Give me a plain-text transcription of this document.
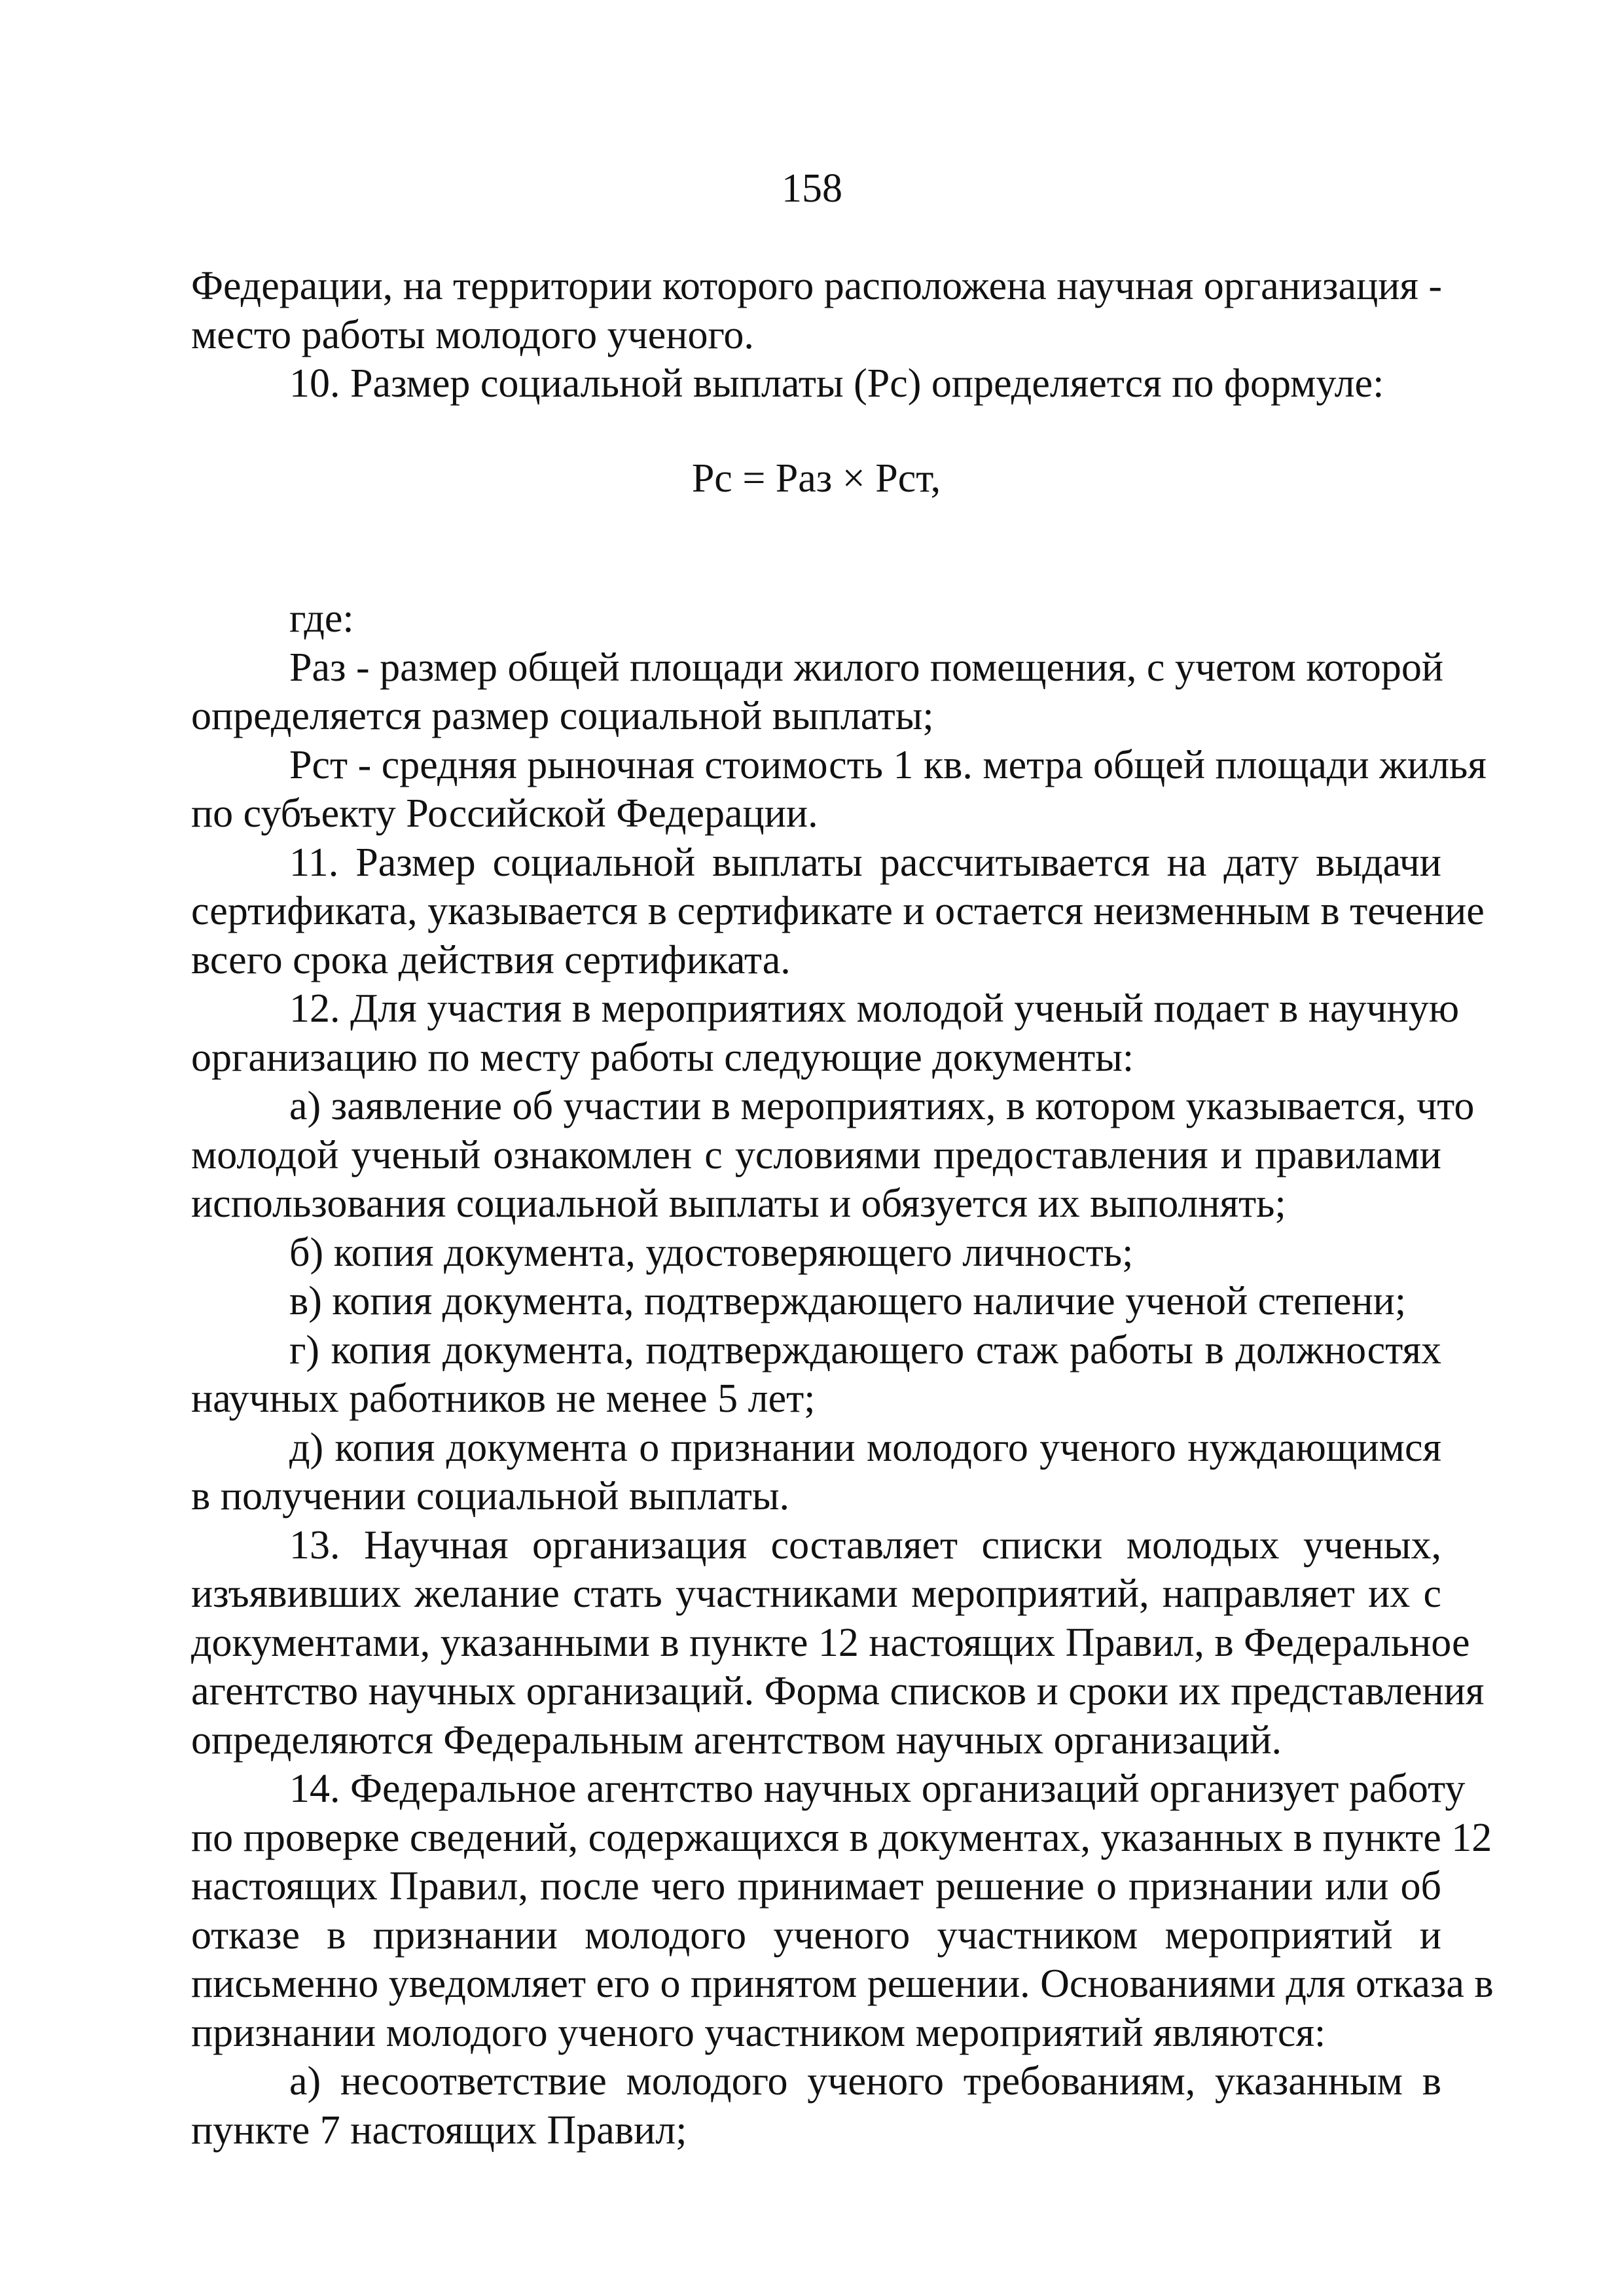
158
Федерации, на территории которого расположена научная организация -
место работы молодого ученого.
10. Размер социальной выплаты (Рс) определяется по формуле:
Рс = Раз × Рст,
где:
Раз - размер общей площади жилого помещения, с учетом которой
определяется размер социальной выплаты;
Рст - средняя рыночная стоимость 1 кв. метра общей площади жилья
по субъекту Российской Федерации.
11. Размер социальной выплаты рассчитывается на дату выдачи
сертификата, указывается в сертификате и остается неизменным в течение
всего срока действия сертификата.
12. Для участия в мероприятиях молодой ученый подает в научную
организацию по месту работы следующие документы:
а) заявление об участии в мероприятиях, в котором указывается, что
молодой ученый ознакомлен с условиями предоставления и правилами
использования социальной выплаты и обязуется их выполнять;
б) копия документа, удостоверяющего личность;
в) копия документа, подтверждающего наличие ученой степени;
г) копия документа, подтверждающего стаж работы в должностях
научных работников не менее 5 лет;
д) копия документа о признании молодого ученого нуждающимся
в получении социальной выплаты.
13. Научная организация составляет списки молодых ученых,
изъявивших желание стать участниками мероприятий, направляет их с
документами, указанными в пункте 12 настоящих Правил, в Федеральное
агентство научных организаций. Форма списков и сроки их представления
определяются Федеральным агентством научных организаций.
14. Федеральное агентство научных организаций организует работу
по проверке сведений, содержащихся в документах, указанных в пункте 12
настоящих Правил, после чего принимает решение о признании или об
отказе в признании молодого ученого участником мероприятий и
письменно уведомляет его о принятом решении. Основаниями для отказа в
признании молодого ученого участником мероприятий являются:
а) несоответствие молодого ученого требованиям, указанным в
пункте 7 настоящих Правил;
